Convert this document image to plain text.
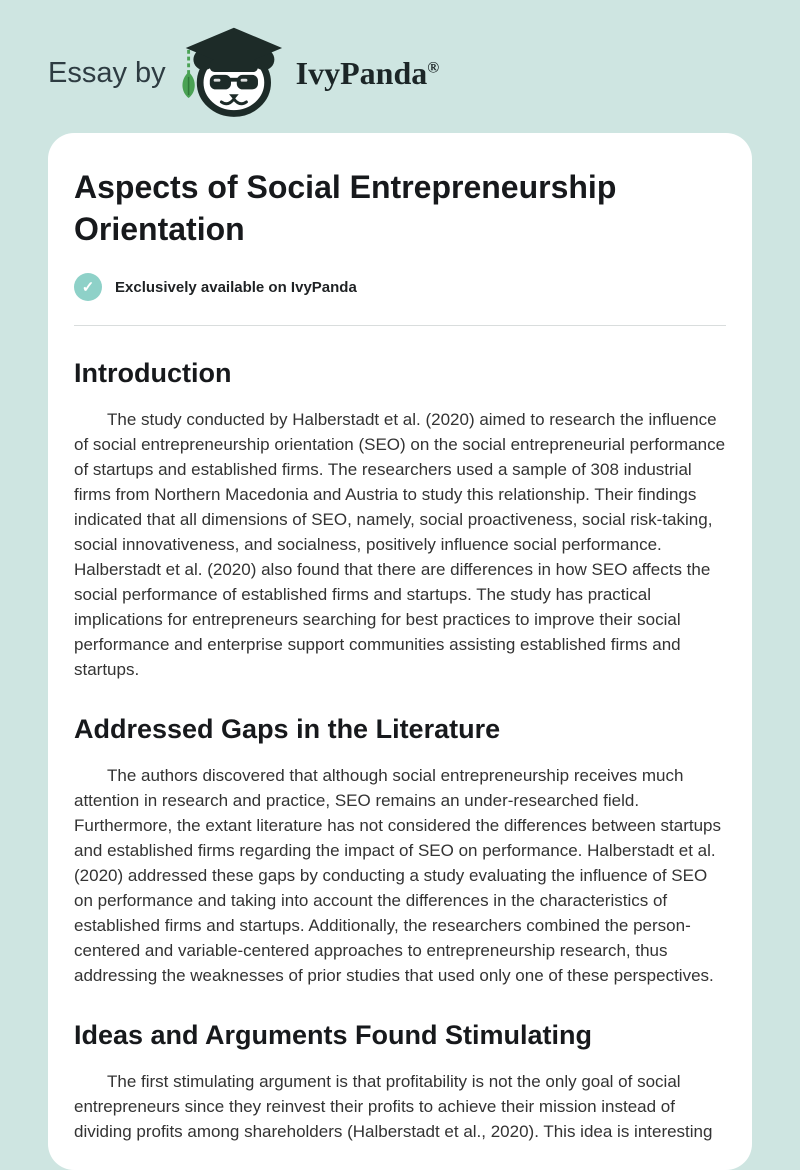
Essay by	IvyPanda®
Aspects of Social Entrepreneurship Orientation
✓	Exclusively available on IvyPanda
Introduction

The study conducted by Halberstadt et al. (2020) aimed to research the influence of social entrepreneurship orientation (SEO) on the social entrepreneurial performance of startups and established firms. The researchers used a sample of 308 industrial firms from Northern Macedonia and Austria to study this relationship. Their findings indicated that all dimensions of SEO, namely, social proactiveness, social risk-taking, social innovativeness, and socialness, positively influence social performance. Halberstadt et al. (2020) also found that there are differences in how SEO affects the social performance of established firms and startups. The study has practical implications for entrepreneurs searching for best practices to improve their social performance and enterprise support communities assisting established firms and startups.

Addressed Gaps in the Literature

The authors discovered that although social entrepreneurship receives much attention in research and practice, SEO remains an under-researched field. Furthermore, the extant literature has not considered the differences between startups and established firms regarding the impact of SEO on performance. Halberstadt et al. (2020) addressed these gaps by conducting a study evaluating the influence of SEO on performance and taking into account the differences in the characteristics of established firms and startups. Additionally, the researchers combined the person-centered and variable-centered approaches to entrepreneurship research, thus addressing the weaknesses of prior studies that used only one of these perspectives.

Ideas and Arguments Found Stimulating

The first stimulating argument is that profitability is not the only goal of social entrepreneurs since they reinvest their profits to achieve their mission instead of dividing profits among shareholders (Halberstadt et al., 2020). This idea is interesting
